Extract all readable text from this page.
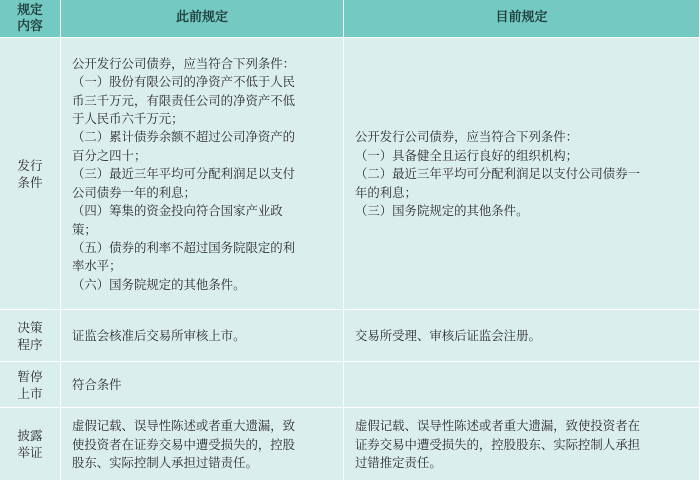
规定
内容
此前规定	目前规定
发行
条件
公开发行公司债券，应当符合下列条件：
（一）股份有限公司的净资产不低于人民
币三千万元，有限责任公司的净资产不低
于人民币六千万元；
（二）累计债券余额不超过公司净资产的
百分之四十；
（三）最近三年平均可分配利润足以支付
公司债券一年的利息；
（四）筹集的资金投向符合国家产业政
策；
（五）债券的利率不超过国务院限定的利
率水平；
（六）国务院规定的其他条件。
公开发行公司债券，应当符合下列条件：
（一）具备健全且运行良好的组织机构；
（二）最近三年平均可分配利润足以支付公司债券一
年的利息；
（三）国务院规定的其他条件。
决策
程序
证监会核准后交易所审核上市。	交易所受理、审核后证监会注册。
暂停
上市
符合条件
披露
举证
虚假记载、误导性陈述或者重大遗漏，致
使投资者在证券交易中遭受损失的，控股
股东、实际控制人承担过错责任。
虚假记载、误导性陈述或者重大遗漏，致使投资者在
证券交易中遭受损失的，控股股东、实际控制人承担
过错推定责任。
